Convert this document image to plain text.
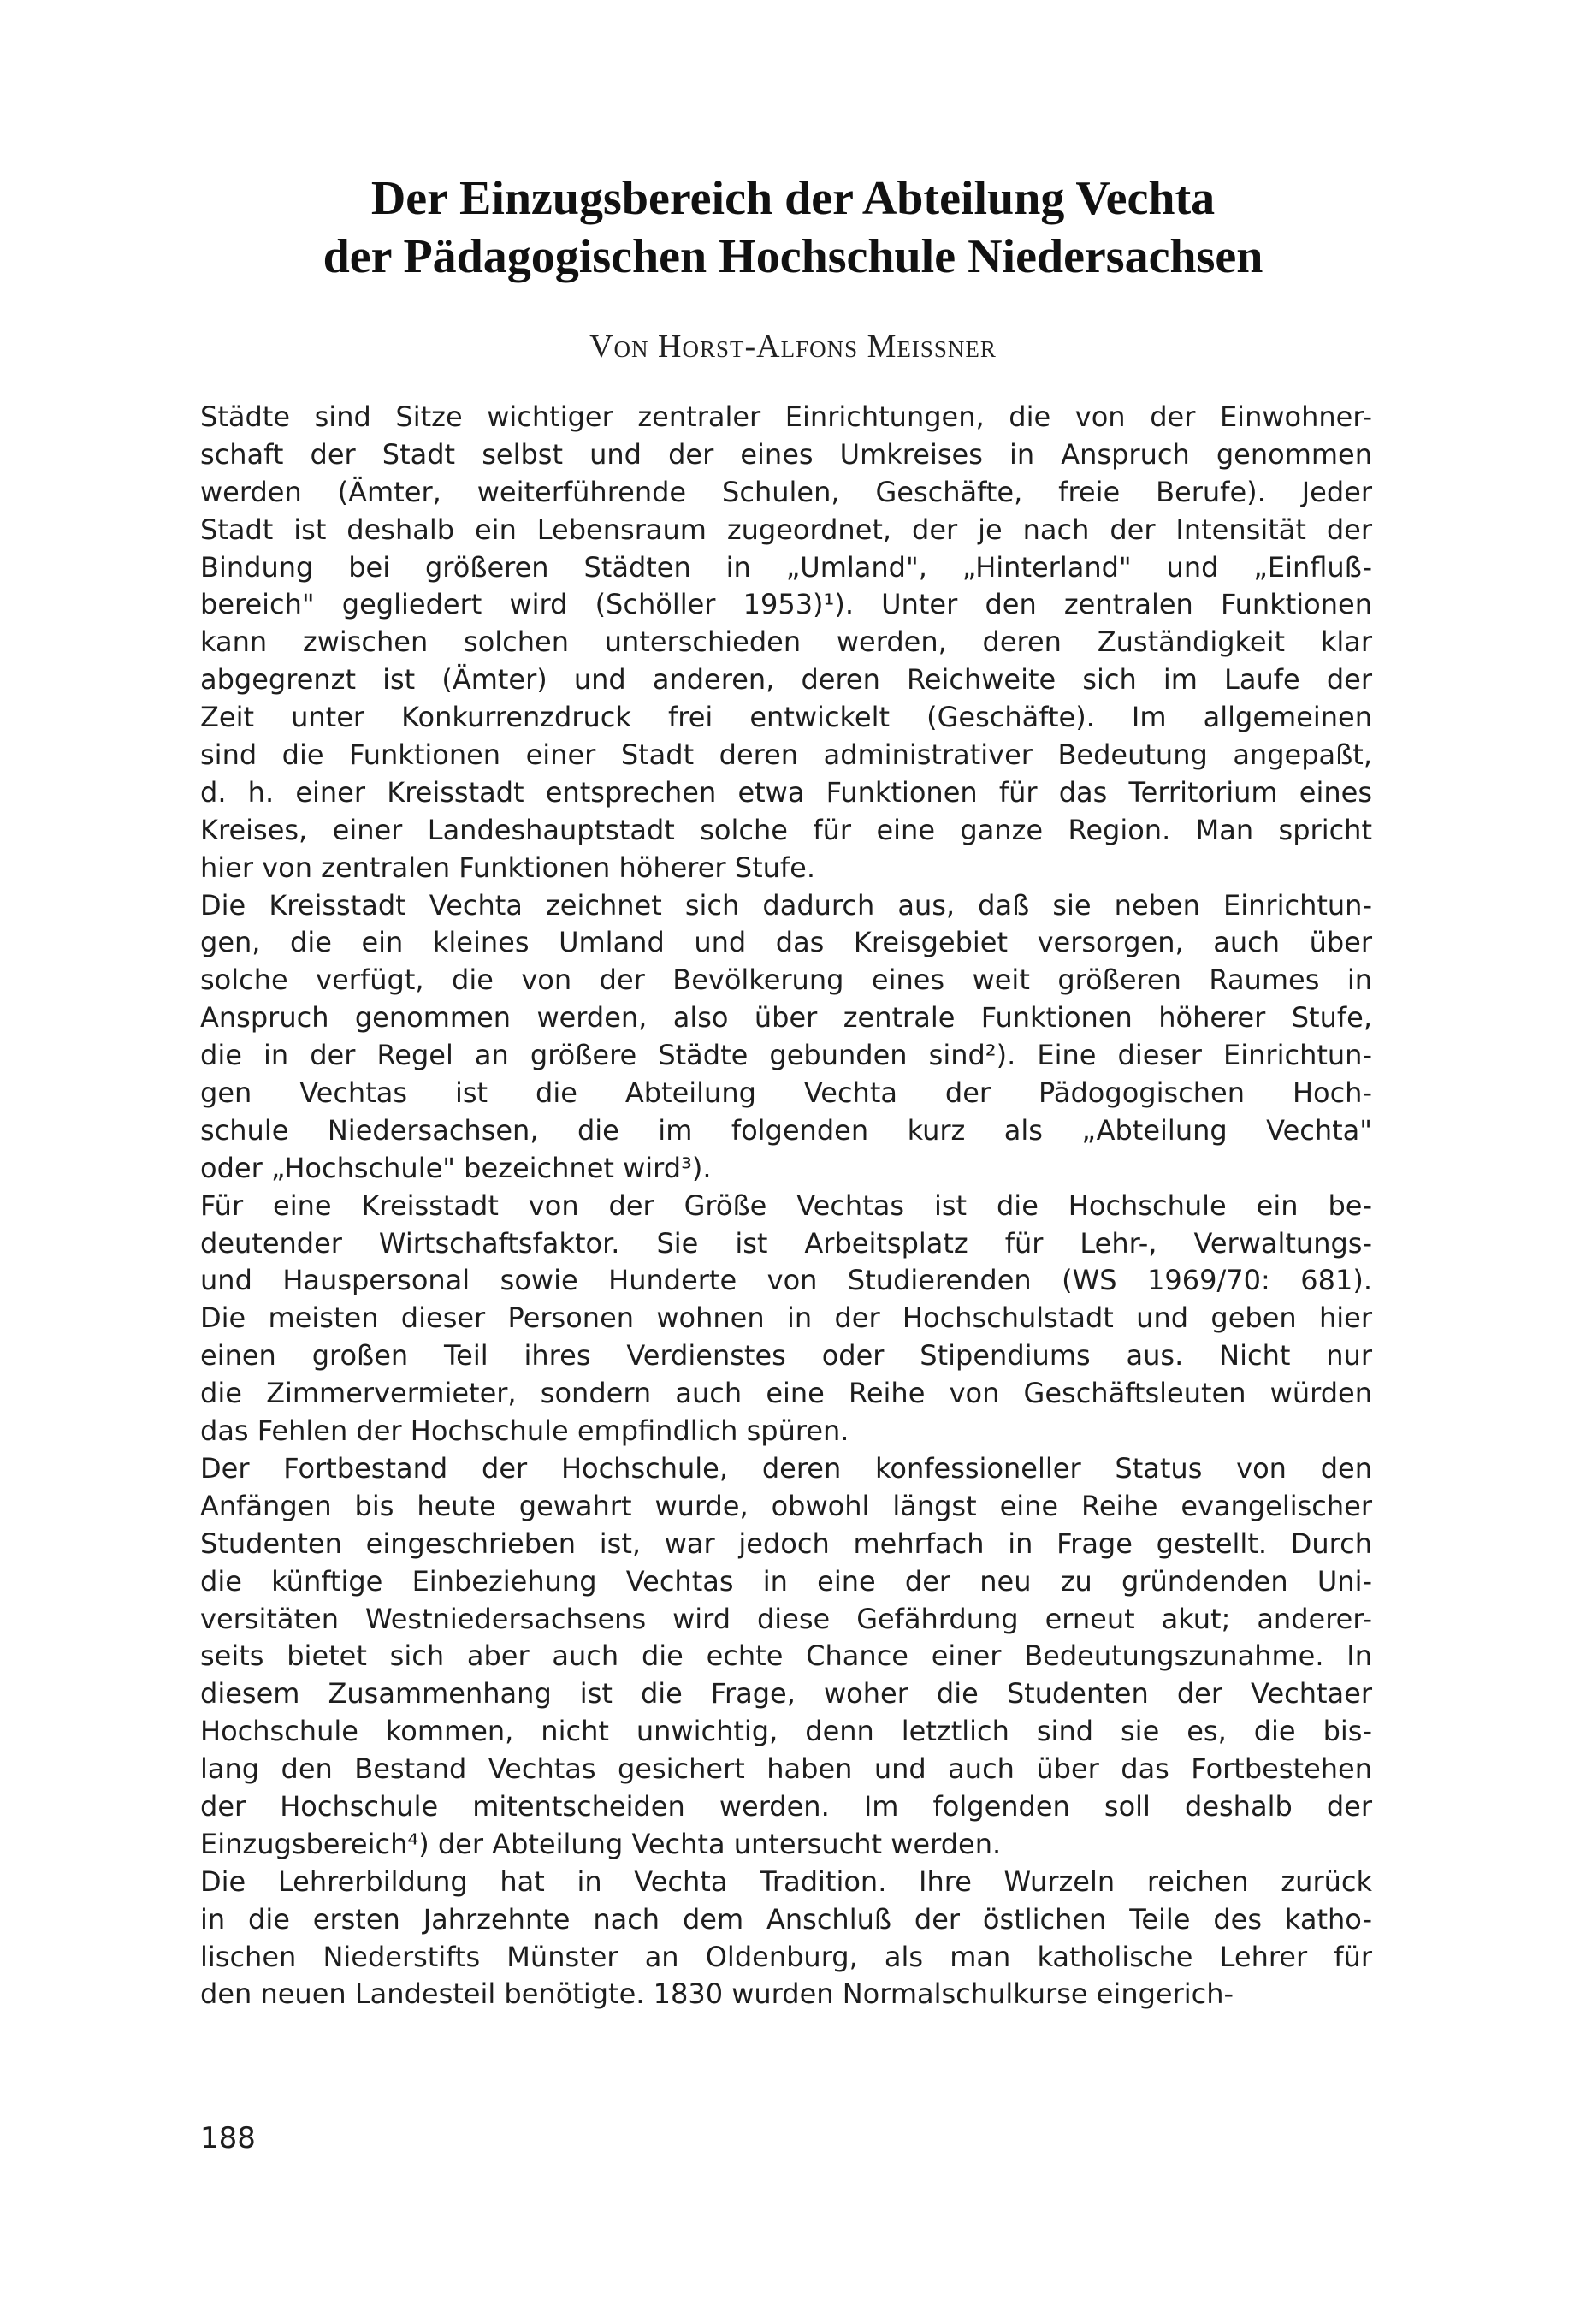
Der Einzugsbereich der Abteilung Vechta
der Pädagogischen Hochschule Niedersachsen
Von Horst-Alfons Meissner
Städte sind Sitze wichtiger zentraler Einrichtungen, die von der Einwohner-
schaft der Stadt selbst und der eines Umkreises in Anspruch genommen
werden (Ämter, weiterführende Schulen, Geschäfte, freie Berufe). Jeder
Stadt ist deshalb ein Lebensraum zugeordnet, der je nach der Intensität der
Bindung bei größeren Städten in „Umland", „Hinterland" und „Einfluß-
bereich" gegliedert wird (Schöller 1953)¹). Unter den zentralen Funktionen
kann zwischen solchen unterschieden werden, deren Zuständigkeit klar
abgegrenzt ist (Ämter) und anderen, deren Reichweite sich im Laufe der
Zeit unter Konkurrenzdruck frei entwickelt (Geschäfte). Im allgemeinen
sind die Funktionen einer Stadt deren administrativer Bedeutung angepaßt,
d. h. einer Kreisstadt entsprechen etwa Funktionen für das Territorium eines
Kreises, einer Landeshauptstadt solche für eine ganze Region. Man spricht
hier von zentralen Funktionen höherer Stufe.
Die Kreisstadt Vechta zeichnet sich dadurch aus, daß sie neben Einrichtun-
gen, die ein kleines Umland und das Kreisgebiet versorgen, auch über
solche verfügt, die von der Bevölkerung eines weit größeren Raumes in
Anspruch genommen werden, also über zentrale Funktionen höherer Stufe,
die in der Regel an größere Städte gebunden sind²). Eine dieser Einrichtun-
gen Vechtas ist die Abteilung Vechta der Pädogogischen Hoch-
schule Niedersachsen, die im folgenden kurz als „Abteilung Vechta"
oder „Hochschule" bezeichnet wird³).
Für eine Kreisstadt von der Größe Vechtas ist die Hochschule ein be-
deutender Wirtschaftsfaktor. Sie ist Arbeitsplatz für Lehr-, Verwaltungs-
und Hauspersonal sowie Hunderte von Studierenden (WS 1969/70: 681).
Die meisten dieser Personen wohnen in der Hochschulstadt und geben hier
einen großen Teil ihres Verdienstes oder Stipendiums aus. Nicht nur
die Zimmervermieter, sondern auch eine Reihe von Geschäftsleuten würden
das Fehlen der Hochschule empfindlich spüren.
Der Fortbestand der Hochschule, deren konfessioneller Status von den
Anfängen bis heute gewahrt wurde, obwohl längst eine Reihe evangelischer
Studenten eingeschrieben ist, war jedoch mehrfach in Frage gestellt. Durch
die künftige Einbeziehung Vechtas in eine der neu zu gründenden Uni-
versitäten Westniedersachsens wird diese Gefährdung erneut akut; anderer-
seits bietet sich aber auch die echte Chance einer Bedeutungszunahme. In
diesem Zusammenhang ist die Frage, woher die Studenten der Vechtaer
Hochschule kommen, nicht unwichtig, denn letztlich sind sie es, die bis-
lang den Bestand Vechtas gesichert haben und auch über das Fortbestehen
der Hochschule mitentscheiden werden. Im folgenden soll deshalb der
Einzugsbereich⁴) der Abteilung Vechta untersucht werden.
Die Lehrerbildung hat in Vechta Tradition. Ihre Wurzeln reichen zurück
in die ersten Jahrzehnte nach dem Anschluß der östlichen Teile des katho-
lischen Niederstifts Münster an Oldenburg, als man katholische Lehrer für
den neuen Landesteil benötigte. 1830 wurden Normalschulkurse eingerich-
188
